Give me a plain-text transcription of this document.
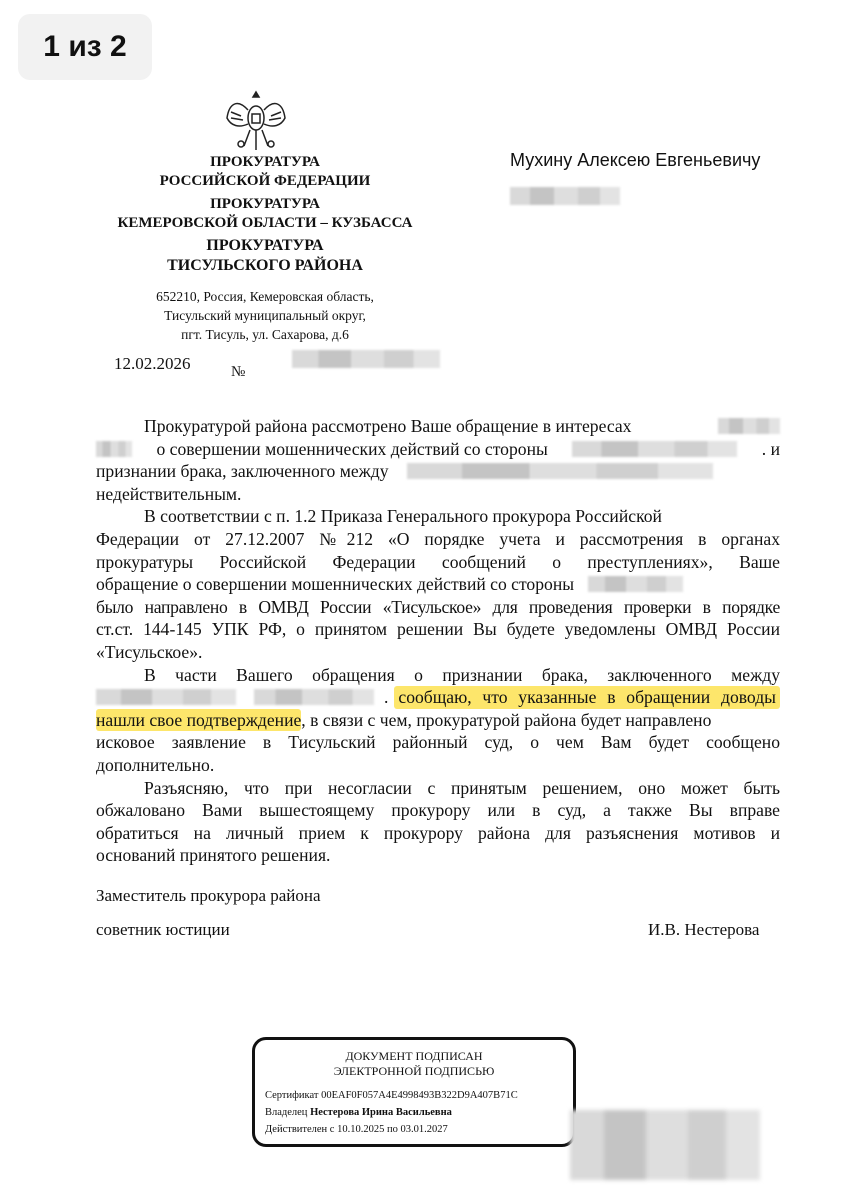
1 из 2
ПРОКУРАТУРА
РОССИЙСКОЙ ФЕДЕРАЦИИ
ПРОКУРАТУРА
КЕМЕРОВСКОЙ ОБЛАСТИ – КУЗБАССА
ПРОКУРАТУРА
ТИСУЛЬСКОГО РАЙОНА
652210, Россия, Кемеровская область,
Тисульский муниципальный округ,
пгт. Тисуль, ул. Сахарова, д.6
12.02.2026	№
Мухину Алексею Евгеньевичу
Прокуратурой района рассмотрено Ваше обращение в интересах
о совершении мошеннических действий со стороны	. и
признании брака, заключенного между
недействительным.
В соответствии с п. 1.2 Приказа Генерального прокурора Российской
Федерации от 27.12.2007 №212 «О порядке учета и рассмотрения в органах
прокуратуры Российской Федерации сообщений о преступлениях», Ваше
обращение о совершении мошеннических действий со стороны
было направлено в ОМВД России «Тисульское» для проведения проверки в порядке
ст.ст. 144-145 УПК РФ, о принятом решении Вы будете уведомлены ОМВД России
«Тисульское».
В части Вашего обращения о признании брака, заключенного между
. сообщаю, что указанные в обращении доводы
нашли свое подтверждение , в связи с чем, прокуратурой района будет направлено
исковое заявление в Тисульский районный суд, о чем Вам будет сообщено
дополнительно.
Разъясняю, что при несогласии с принятым решением, оно может быть
обжаловано Вами вышестоящему прокурору или в суд, а также Вы вправе
обратиться на личный прием к прокурору района для разъяснения мотивов и
оснований принятого решения.
Заместитель прокурора района
советник юстиции	И.В. Нестерова
ДОКУМЕНТ ПОДПИСАН
ЭЛЕКТРОННОЙ ПОДПИСЬЮ
Сертификат 00EAF0F057A4E4998493B322D9A407B71C
Владелец Нестерова Ирина Васильевна
Действителен с 10.10.2025 по 03.01.2027
